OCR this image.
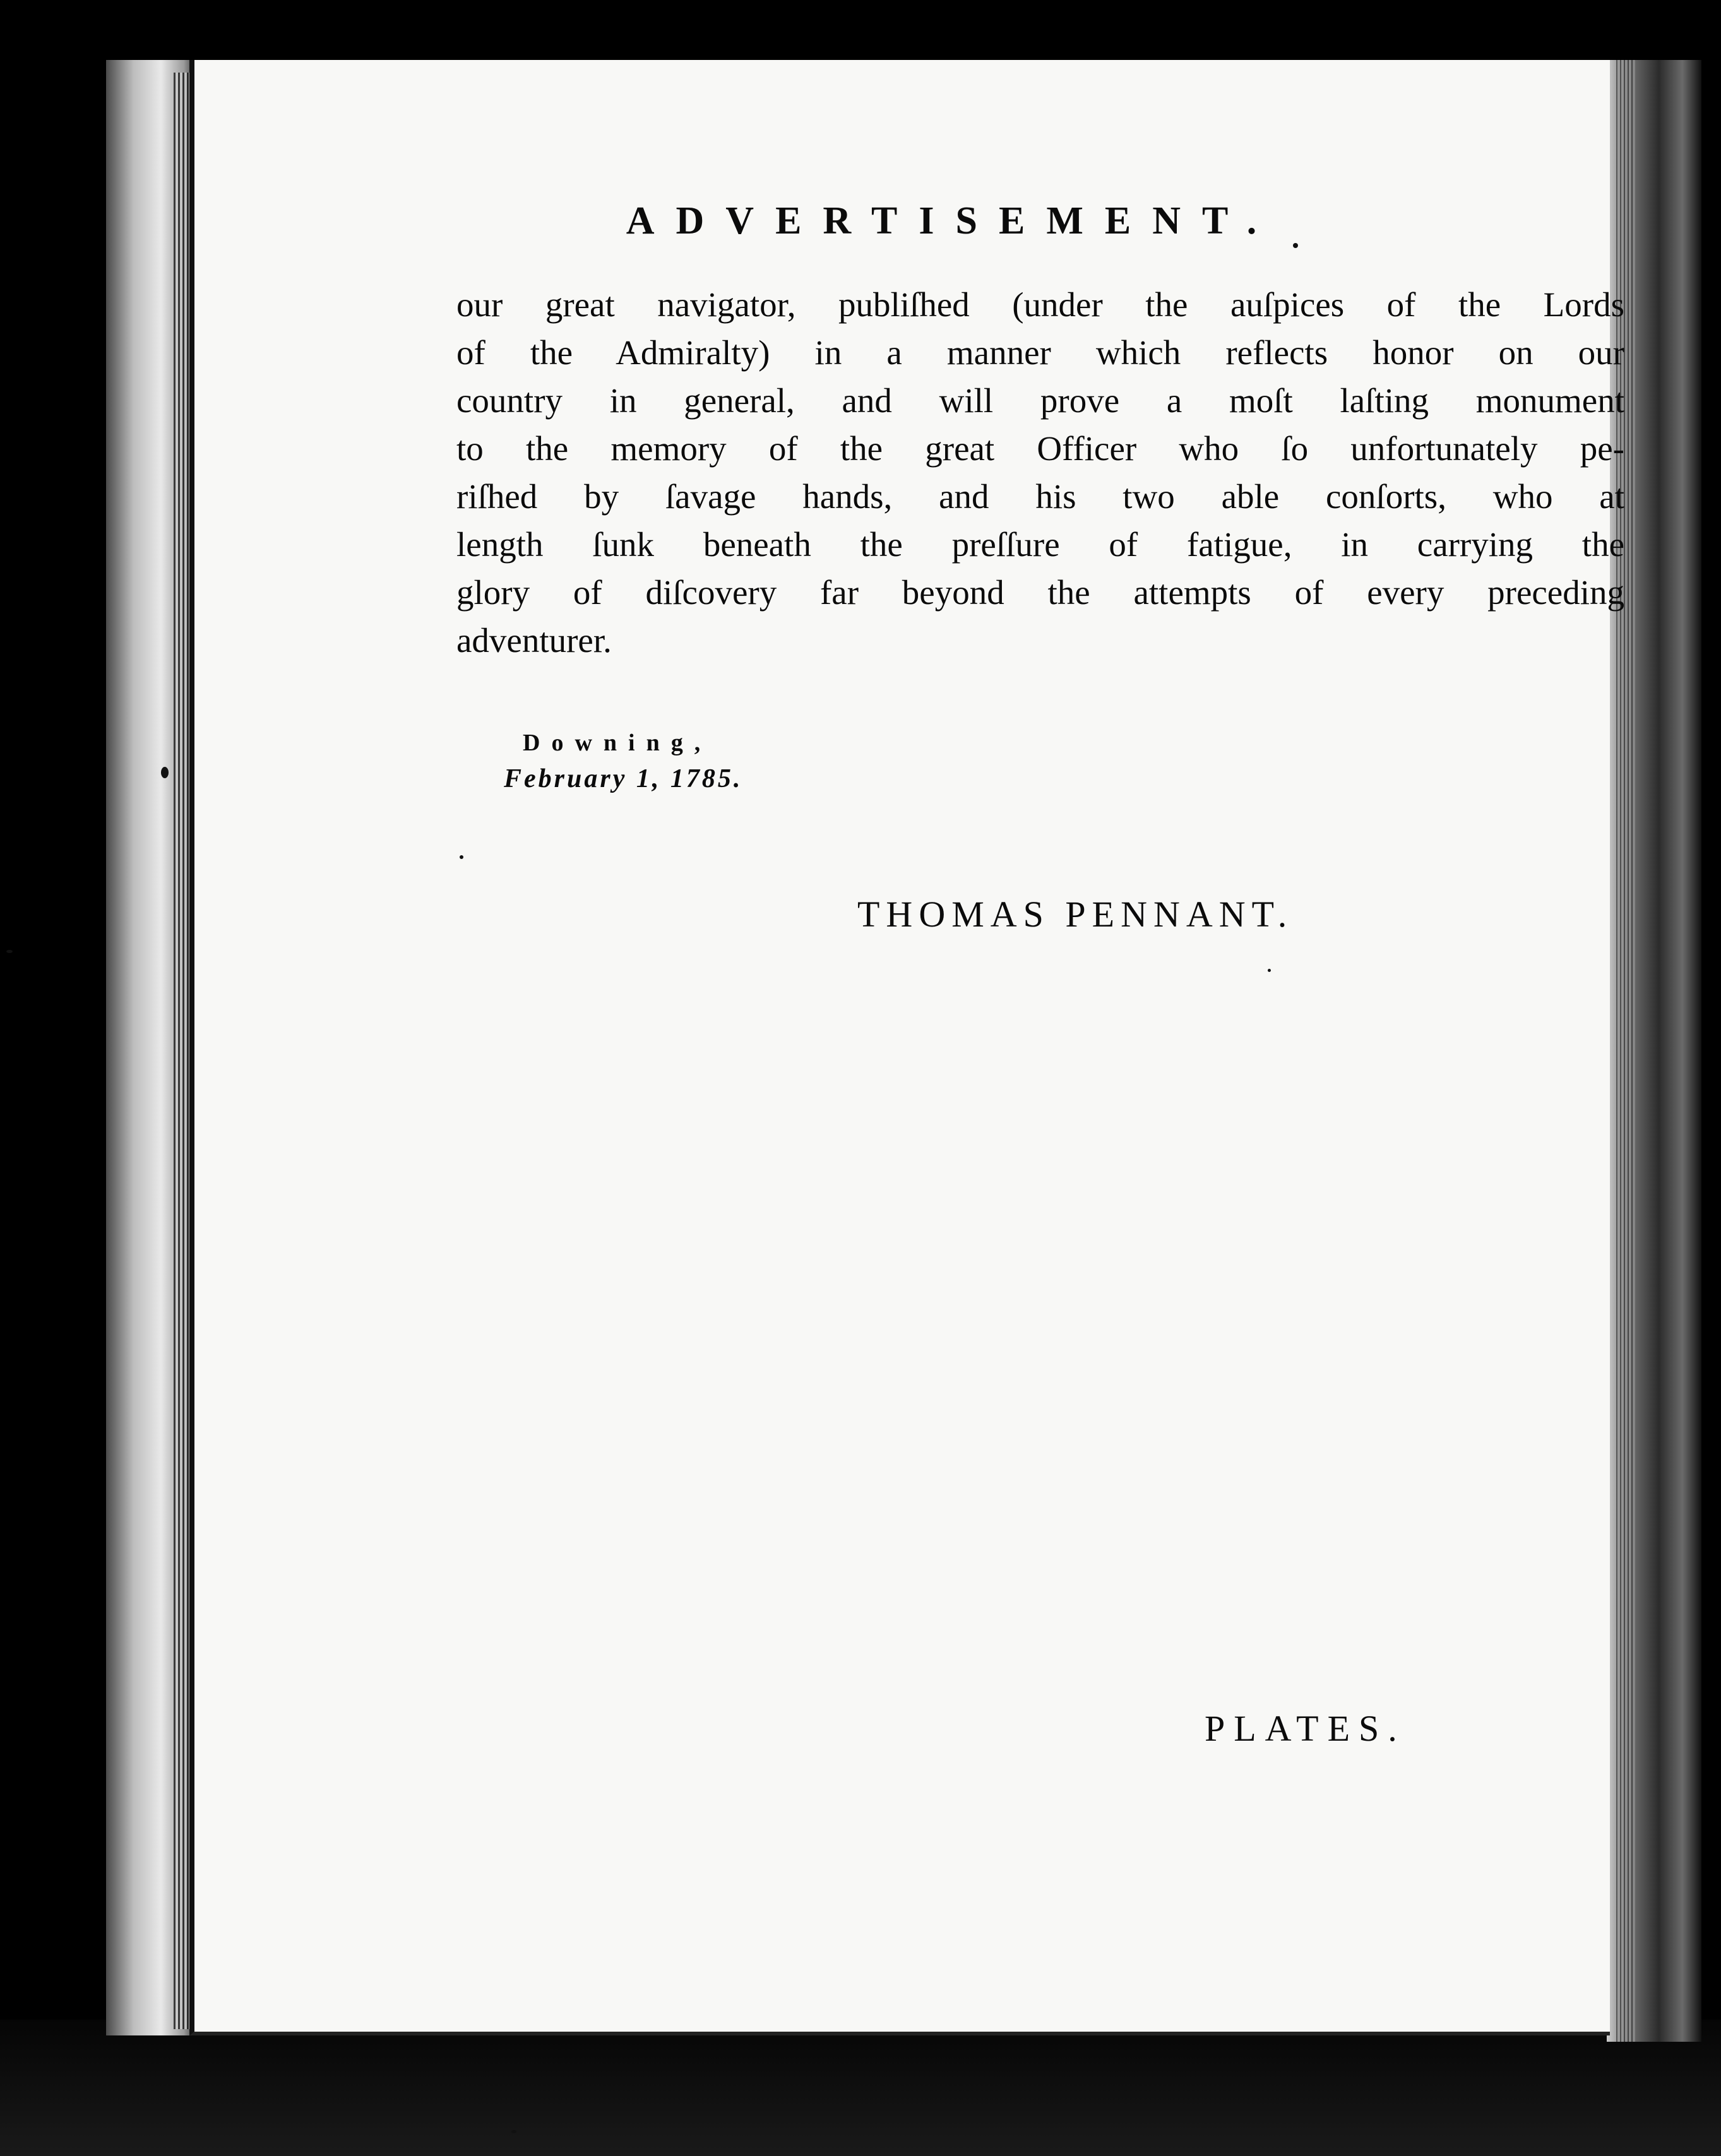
ADVERTISEMENT.
our great navigator, publiſhed (under the auſpices of the Lords
of the Admiralty) in a manner which reflects honor on our
country in general, and will prove a moſt laſting monument
to the memory of the great Officer who ſo unfortunately pe-
riſhed by ſavage hands, and his two able conſorts, who at
length ſunk beneath the preſſure of fatigue, in carrying the
glory of diſcovery far beyond the attempts of every preceding
adventurer.
Downing,
February 1, 1785.
THOMAS PENNANT.
PLATES.
